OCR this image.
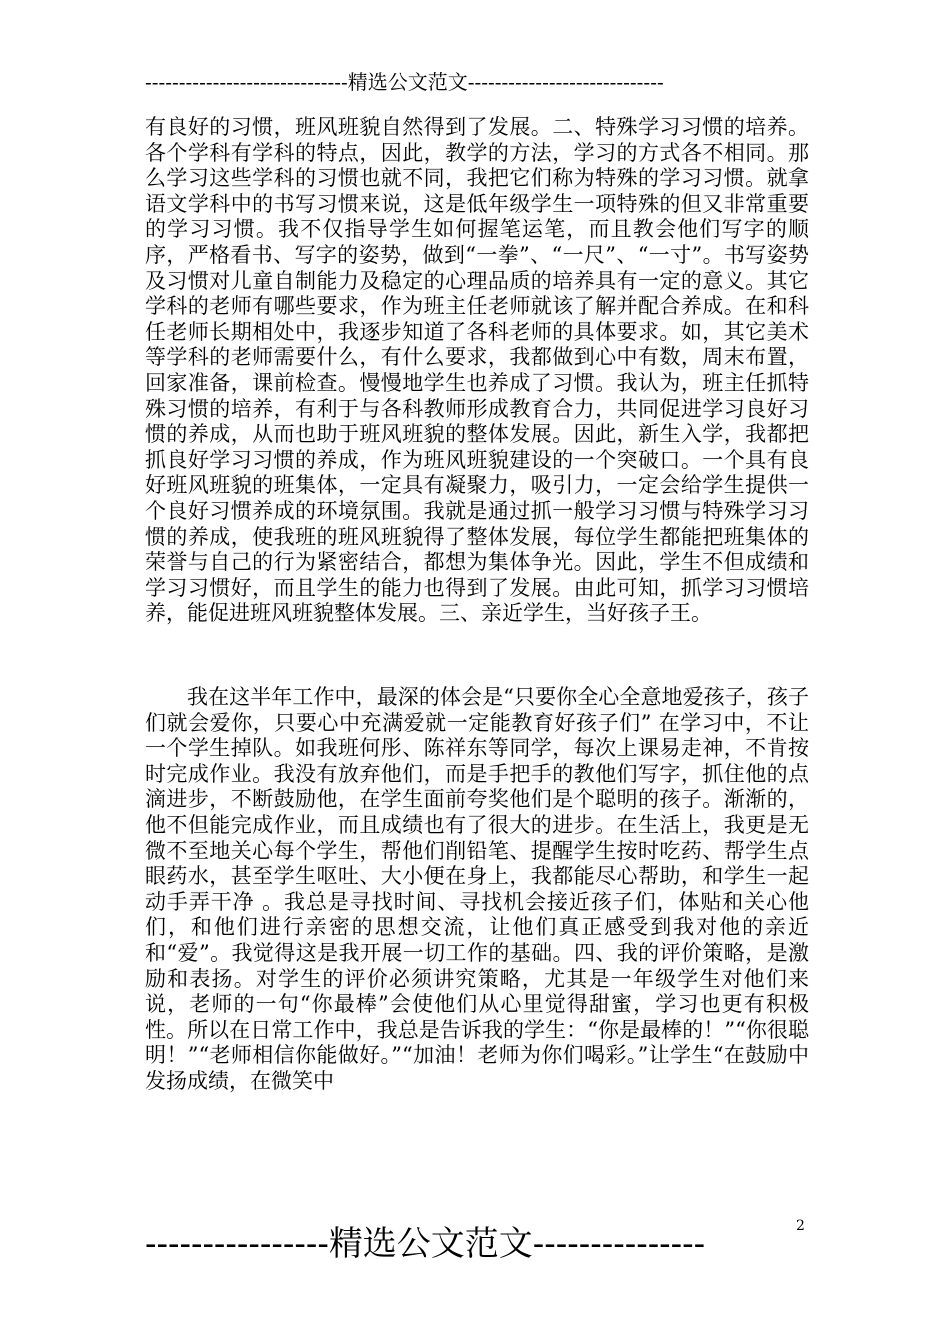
------------------------------精选公文范文-----------------------------

有良好的习惯，班风班貌自然得到了发展。二、特殊学习习惯的培养。各个学科有学科的特点，因此，教学的方法，学习的方式各不相同。那么学习这些学科的习惯也就不同，我把它们称为特殊的学习习惯。就拿语文学科中的书写习惯来说，这是低年级学生一项特殊的但又非常重要的学习习惯。我不仅指导学生如何握笔运笔，而且教会他们写字的顺序，严格看书、写字的姿势，做到“一拳”、“一尺”、“一寸”。书写姿势及习惯对儿童自制能力及稳定的心理品质的培养具有一定的意义。其它学科的老师有哪些要求，作为班主任老师就该了解并配合养成。在和科任老师长期相处中，我逐步知道了各科老师的具体要求。如，其它美术等学科的老师需要什么，有什么要求，我都做到心中有数，周末布置，回家准备，课前检查。慢慢地学生也养成了习惯。我认为，班主任抓特殊习惯的培养，有利于与各科教师形成教育合力，共同促进学习良好习惯的养成，从而也助于班风班貌的整体发展。因此，新生入学，我都把抓良好学习习惯的养成，作为班风班貌建设的一个突破口。一个具有良好班风班貌的班集体，一定具有凝聚力，吸引力，一定会给学生提供一个良好习惯养成的环境氛围。我就是通过抓一般学习习惯与特殊学习习惯的养成，使我班的班风班貌得了整体发展，每位学生都能把班集体的荣誉与自己的行为紧密结合，都想为集体争光。因此，学生不但成绩和学习习惯好，而且学生的能力也得到了发展。由此可知，抓学习习惯培养，能促进班风班貌整体发展。三、亲近学生，当好孩子王。

我在这半年工作中，最深的体会是“只要你全心全意地爱孩子，孩子们就会爱你，只要心中充满爱就一定能教育好孩子们” 在学习中，不让一个学生掉队。如我班何彤、陈祥东等同学，每次上课易走神，不肯按时完成作业。我没有放弃他们，而是手把手的教他们写字，抓住他的点滴进步，不断鼓励他，在学生面前夸奖他们是个聪明的孩子。渐渐的，他不但能完成作业，而且成绩也有了很大的进步。在生活上，我更是无微不至地关心每个学生，帮他们削铅笔、提醒学生按时吃药、帮学生点眼药水，甚至学生呕吐、大小便在身上，我都能尽心帮助，和学生一起动手弄干净 。我总是寻找时间、寻找机会接近孩子们，体贴和关心他们，和他们进行亲密的思想交流，让他们真正感受到我对他的亲近和“爱”。我觉得这是我开展一切工作的基础。四、我的评价策略，是激励和表扬。对学生的评价必须讲究策略，尤其是一年级学生对他们来说，老师的一句“你最棒”会使他们从心里觉得甜蜜，学习也更有积极性。所以在日常工作中，我总是告诉我的学生：“你是最棒的！”“你很聪明！”“老师相信你能做好。”“加油！老师为你们喝彩。”让学生“在鼓励中发扬成绩，在微笑中

----------------精选公文范文---------------	2
